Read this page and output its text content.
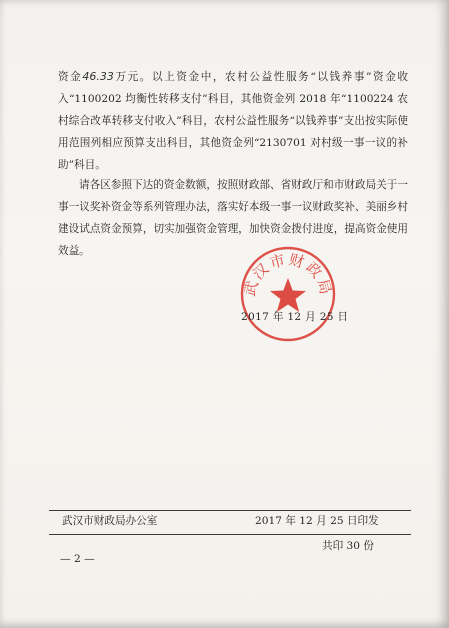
资金46.33万元。以上资金中，农村公益性服务“以钱养事”资金收入“1100202 均衡性转移支付”科目，其他资金列 2018 年“1100224 农村综合改革转移支付收入”科目，农村公益性服务“以钱养事”支出按实际使用范围列相应预算支出科目，其他资金列“2130701 对村级一事一议的补助”科目。

请各区参照下达的资金数额，按照财政部、省财政厅和市财政局关于一事一议奖补资金等系列管理办法，落实好本级一事一议财政奖补、美丽乡村建设试点资金预算，切实加强资金管理，加快资金拨付进度，提高资金使用效益。

武汉市财政局
2017 年 12 月 25 日
武汉市财政局办公室	2017 年 12 月 25 日印发
共印 30 份
— 2 —
